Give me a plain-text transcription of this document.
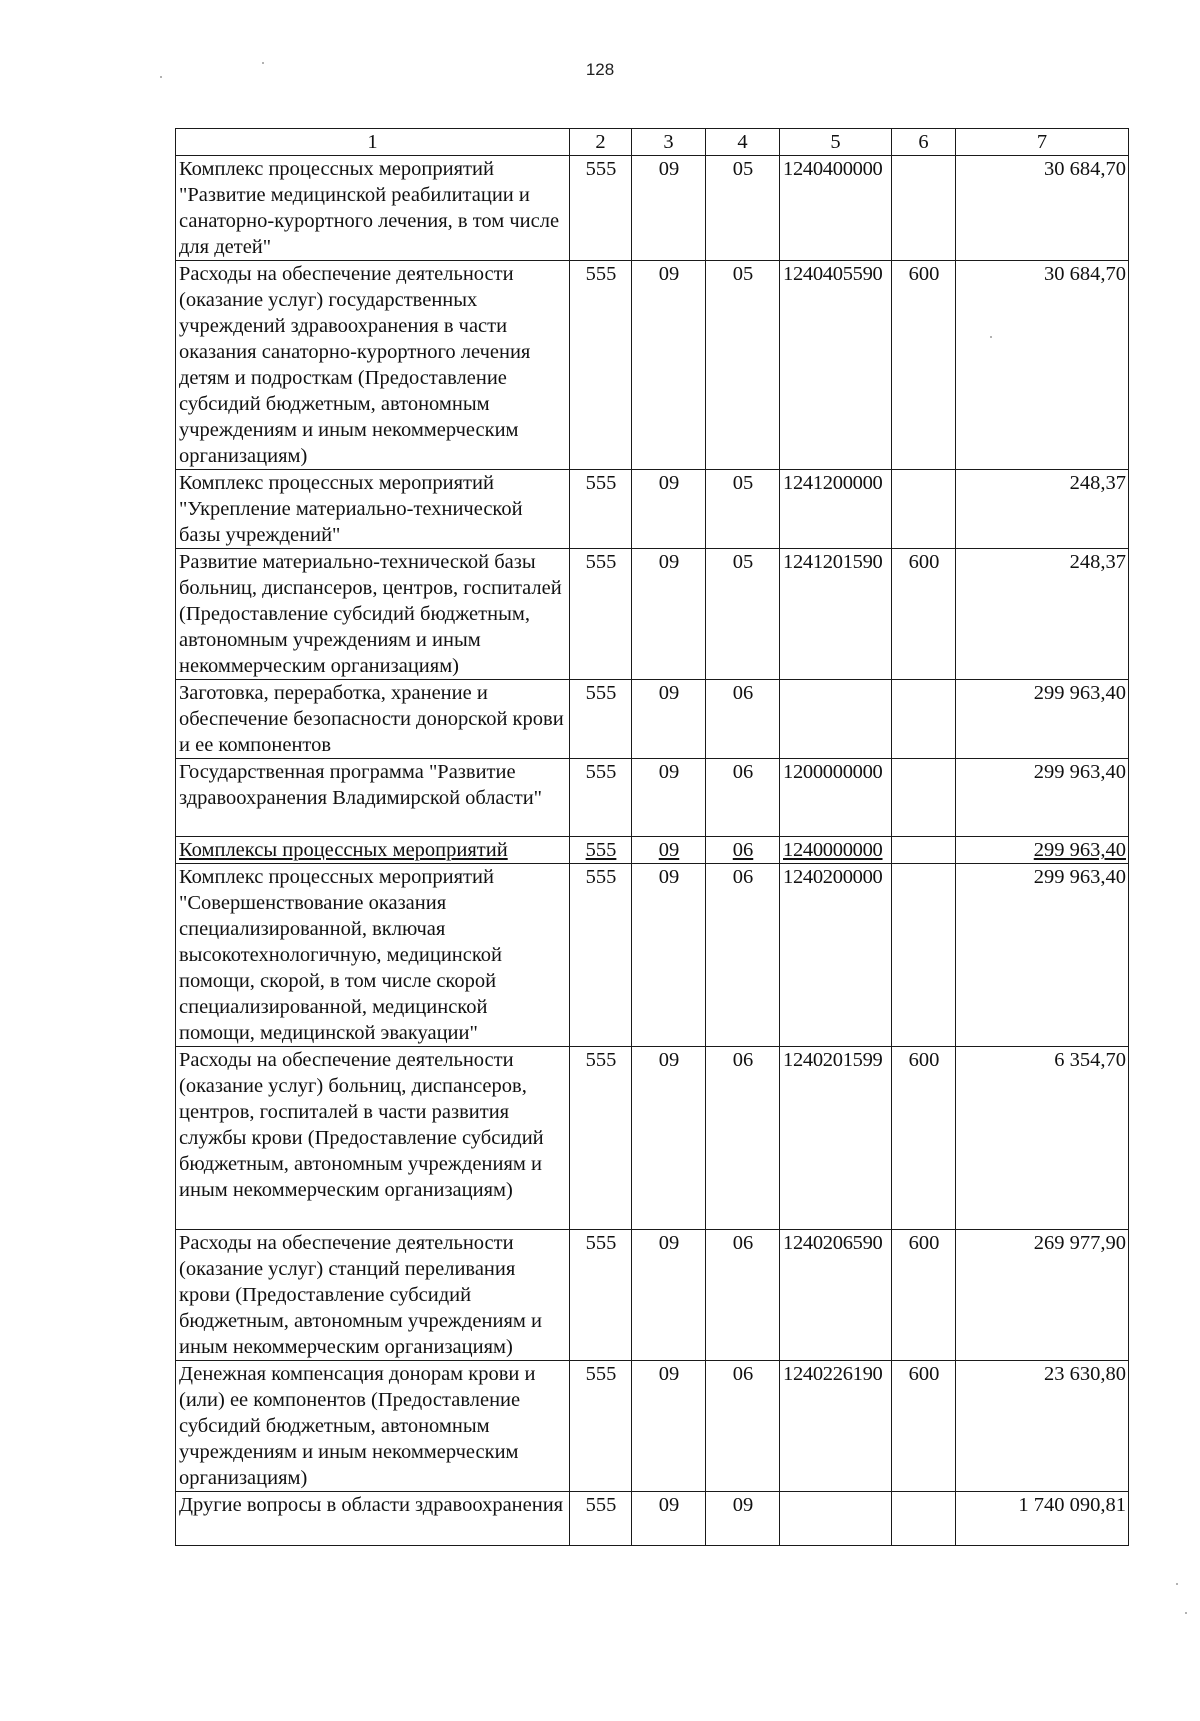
128
1	2	3	4	5	6	7
Комплекс процессных мероприятий "Развитие медицинской реабилитации и санаторно-курортного лечения, в том числе для детей"	555	09	05	1240400000		30 684,70
Расходы на обеспечение деятельности (оказание услуг) государственных учреждений здравоохранения в части оказания санаторно-курортного лечения детям и подросткам (Предоставление субсидий бюджетным, автономным учреждениям и иным некоммерческим организациям)	555	09	05	1240405590	600	30 684,70
Комплекс процессных мероприятий "Укрепление материально-технической базы учреждений"	555	09	05	1241200000		248,37
Развитие материально-технической базы больниц, диспансеров, центров, госпиталей (Предоставление субсидий бюджетным, автономным учреждениям и иным некоммерческим организациям)	555	09	05	1241201590	600	248,37
Заготовка, переработка, хранение и обеспечение безопасности донорской крови и ее компонентов	555	09	06			299 963,40
Государственная программа "Развитие здравоохранения Владимирской области"	555	09	06	1200000000		299 963,40
Комплексы процессных мероприятий	555	09	06	1240000000		299 963,40
Комплекс процессных мероприятий "Совершенствование оказания специализированной, включая высокотехнологичную, медицинской помощи, скорой, в том числе скорой специализированной, медицинской помощи, медицинской эвакуации"	555	09	06	1240200000		299 963,40
Расходы на обеспечение деятельности (оказание услуг) больниц, диспансеров, центров, госпиталей в части развития службы крови (Предоставление субсидий бюджетным, автономным учреждениям и иным некоммерческим организациям)	555	09	06	1240201599	600	6 354,70
Расходы на обеспечение деятельности (оказание услуг) станций переливания крови (Предоставление субсидий бюджетным, автономным учреждениям и иным некоммерческим организациям)	555	09	06	1240206590	600	269 977,90
Денежная компенсация донорам крови и (или) ее компонентов (Предоставление субсидий бюджетным, автономным учреждениям и иным некоммерческим организациям)	555	09	06	1240226190	600	23 630,80
Другие вопросы в области здравоохранения	555	09	09			1 740 090,81
